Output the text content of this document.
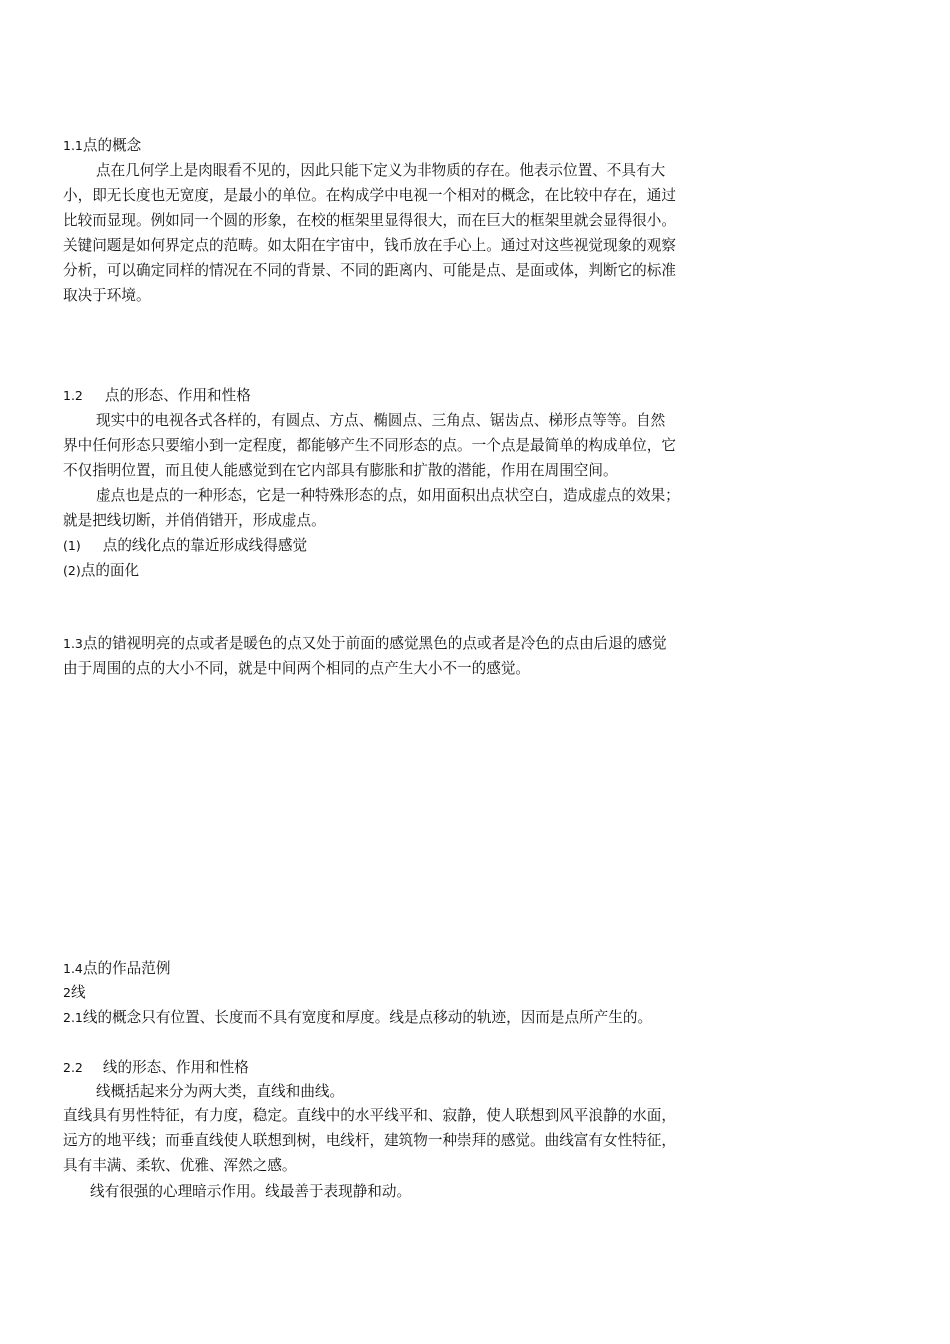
1.1点的概念
点在几何学上是肉眼看不见的，因此只能下定义为非物质的存在。他表示位置、不具有大
小，即无长度也无宽度，是最小的单位。在构成学中电视一个相对的概念，在比较中存在，通过
比较而显现。例如同一个圆的形象，在校的框架里显得很大，而在巨大的框架里就会显得很小。
关键问题是如何界定点的范畴。如太阳在宇宙中，钱币放在手心上。通过对这些视觉现象的观察
分析，可以确定同样的情况在不同的背景、不同的距离内、可能是点、是面或体，判断它的标准
取决于环境。
1.2 点的形态、作用和性格
现实中的电视各式各样的，有圆点、方点、椭圆点、三角点、锯齿点、梯形点等等。自然
界中任何形态只要缩小到一定程度，都能够产生不同形态的点。一个点是最简单的构成单位，它
不仅指明位置，而且使人能感觉到在它内部具有膨胀和扩散的潜能，作用在周围空间。
虚点也是点的一种形态，它是一种特殊形态的点，如用面积出点状空白，造成虚点的效果；
就是把线切断，并俏俏错开，形成虚点。
(1) 点的线化点的靠近形成线得感觉
(2)点的面化
1.3点的错视明亮的点或者是暖色的点又处于前面的感觉黑色的点或者是冷色的点由后退的感觉
由于周围的点的大小不同，就是中间两个相同的点产生大小不一的感觉。
1.4点的作品范例
2线
2.1线的概念只有位置、长度而不具有宽度和厚度。线是点移动的轨迹，因而是点所产生的。
2.2 线的形态、作用和性格
线概括起来分为两大类，直线和曲线。
直线具有男性特征，有力度，稳定。直线中的水平线平和、寂静，使人联想到风平浪静的水面，
远方的地平线；而垂直线使人联想到树，电线杆，建筑物一种崇拜的感觉。曲线富有女性特征，
具有丰满、柔软、优雅、浑然之感。
线有很强的心理暗示作用。线最善于表现静和动。
